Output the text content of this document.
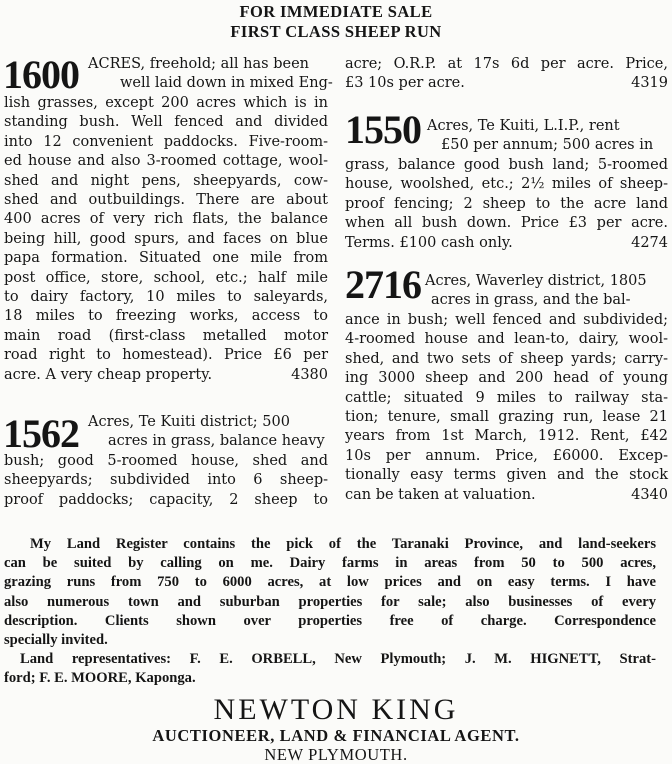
FOR IMMEDIATE SALE
FIRST CLASS SHEEP RUN
1600 ACRES, freehold; all has been
well laid down in mixed Eng-
lish grasses, except 200 acres which is in
standing bush. Well fenced and divided
into 12 convenient paddocks. Five-room-
ed house and also 3-roomed cottage, wool-
shed and night pens, sheepyards, cow-
shed and outbuildings. There are about
400 acres of very rich flats, the balance
being hill, good spurs, and faces on blue
papa formation. Situated one mile from
post office, store, school, etc.; half mile
to dairy factory, 10 miles to saleyards,
18 miles to freezing works, access to
main road (first-class metalled motor
road right to homestead). Price £6 per
acre. A very cheap property.	4380
1562 Acres, Te Kuiti district; 500
acres in grass, balance heavy
bush; good 5-roomed house, shed and
sheepyards; subdivided into 6 sheep-
proof paddocks; capacity, 2 sheep to
acre; O.R.P. at 17s 6d per acre. Price,
£3 10s per acre.	4319
1550 Acres, Te Kuiti, L.I.P., rent
£50 per annum; 500 acres in
grass, balance good bush land; 5-roomed
house, woolshed, etc.; 2½ miles of sheep-
proof fencing; 2 sheep to the acre land
when all bush down. Price £3 per acre.
Terms. £100 cash only.	4274
2716 Acres, Waverley district, 1805
acres in grass, and the bal-
ance in bush; well fenced and subdivided;
4-roomed house and lean-to, dairy, wool-
shed, and two sets of sheep yards; carry-
ing 3000 sheep and 200 head of young
cattle; situated 9 miles to railway sta-
tion; tenure, small grazing run, lease 21
years from 1st March, 1912. Rent, £42
10s per annum. Price, £6000. Excep-
tionally easy terms given and the stock
can be taken at valuation.	4340
My Land Register contains the pick of the Taranaki Province, and land-seekers
can be suited by calling on me. Dairy farms in areas from 50 to 500 acres,
grazing runs from 750 to 6000 acres, at low prices and on easy terms. I have
also numerous town and suburban properties for sale; also businesses of every
description. Clients shown over properties free of charge. Correspondence
specially invited.
Land representatives: F. E. ORBELL, New Plymouth; J. M. HIGNETT, Strat-
ford; F. E. MOORE, Kaponga.
NEWTON KING
AUCTIONEER, LAND & FINANCIAL AGENT.
NEW PLYMOUTH.
